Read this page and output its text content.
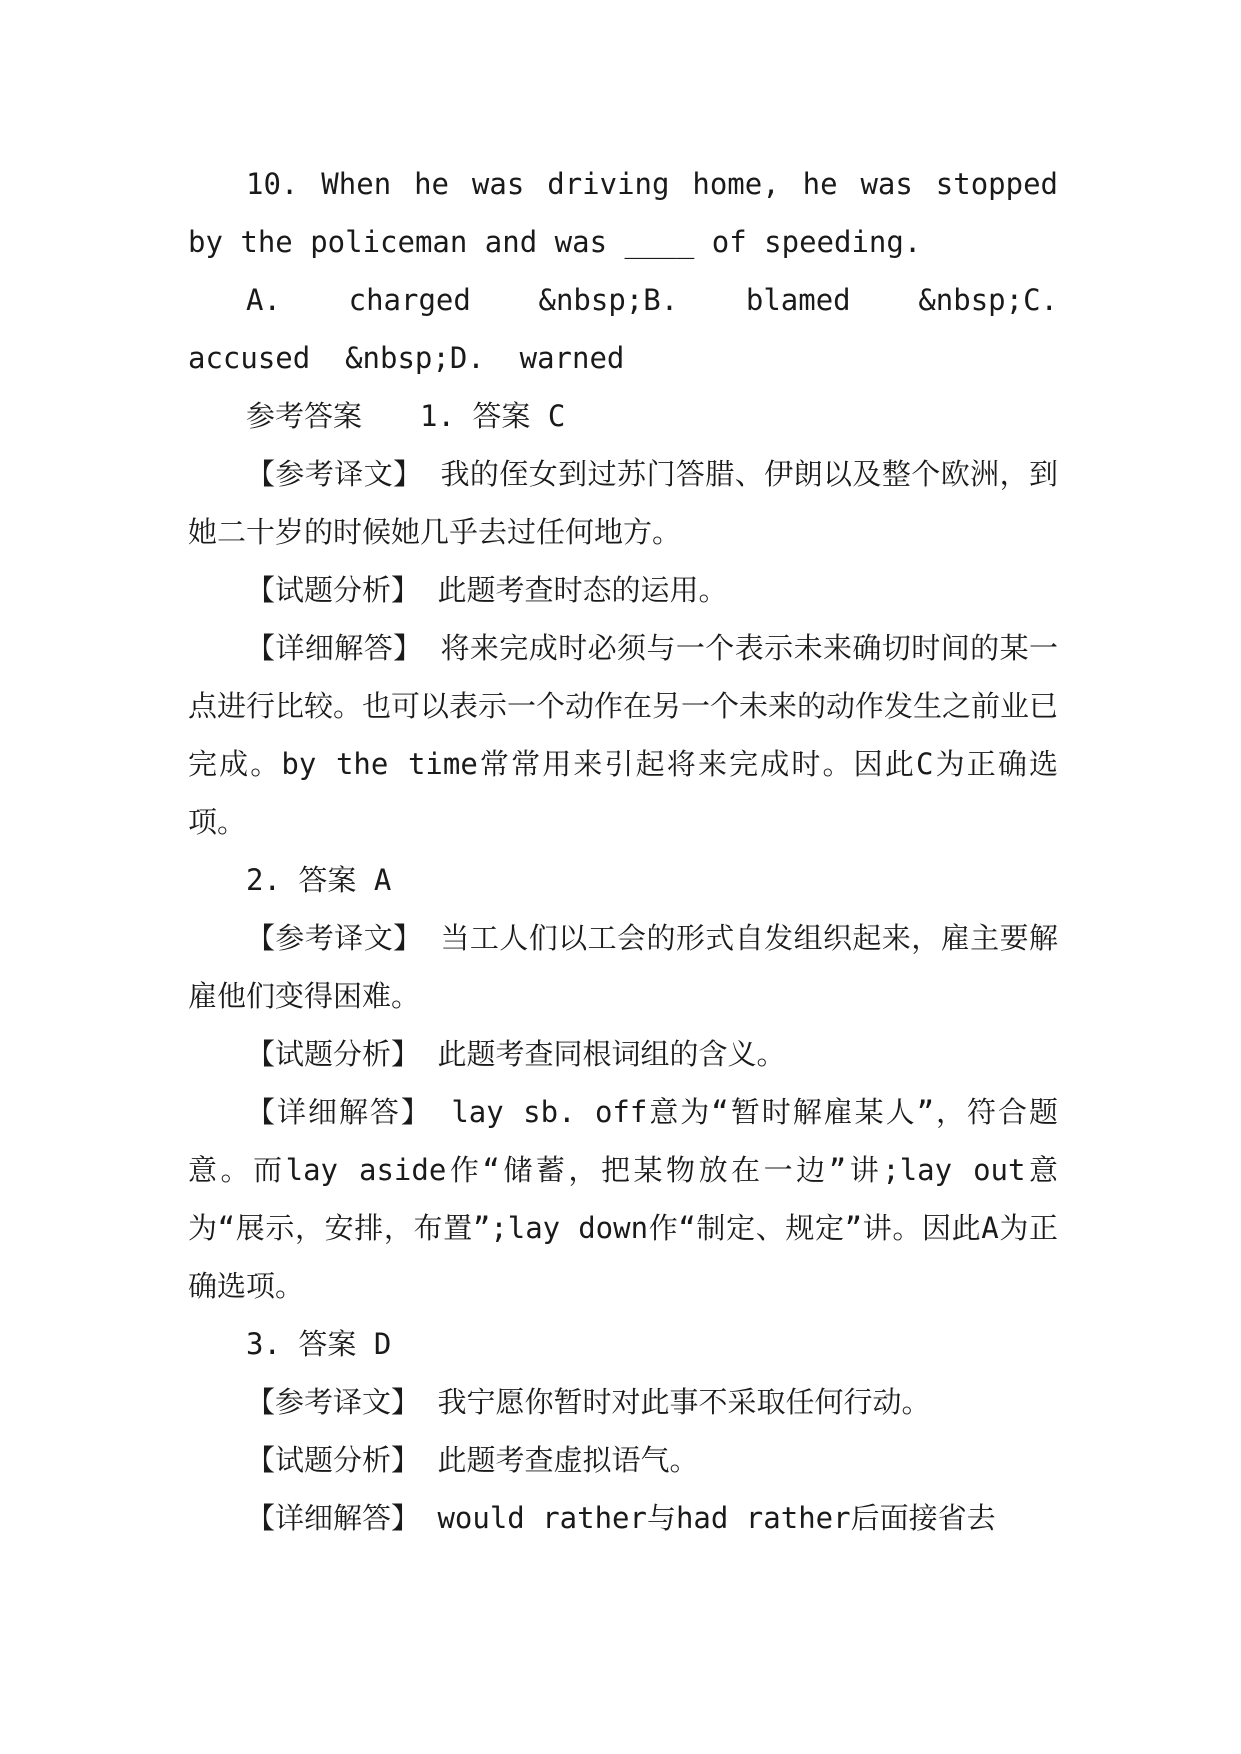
10. When he was driving home, he was stopped by the policeman and was ____ of speeding.

A. charged &nbsp;B. blamed &nbsp;C. accused &nbsp;D. warned

参考答案 1. 答案 C

【参考译文】 我的侄女到过苏门答腊、伊朗以及整个欧洲，到她二十岁的时候她几乎去过任何地方。

【试题分析】 此题考查时态的运用。

【详细解答】 将来完成时必须与一个表示未来确切时间的某一点进行比较。也可以表示一个动作在另一个未来的动作发生之前业已完成。by the time常常用来引起将来完成时。因此C为正确选项。

2. 答案 A

【参考译文】 当工人们以工会的形式自发组织起来，雇主要解雇他们变得困难。

【试题分析】 此题考查同根词组的含义。

【详细解答】 lay sb. off意为“暂时解雇某人”，符合题意。而lay aside作“储蓄，把某物放在一边”讲;lay out意为“展示，安排，布置”;lay down作“制定、规定”讲。因此A为正确选项。

3. 答案 D

【参考译文】 我宁愿你暂时对此事不采取任何行动。

【试题分析】 此题考查虚拟语气。

【详细解答】 would rather与had rather后面接省去
